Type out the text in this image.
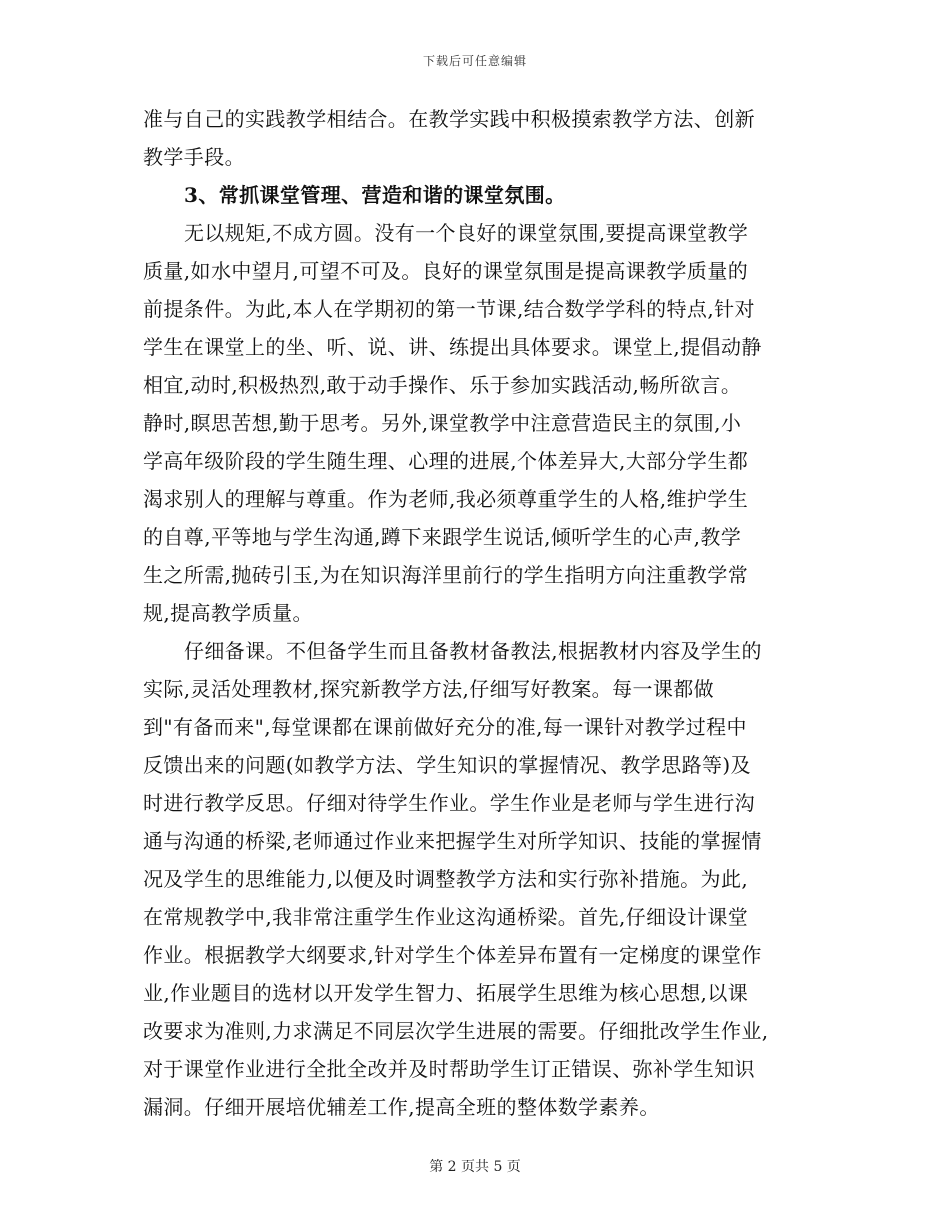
下载后可任意编辑
准与自己的实践教学相结合。在教学实践中积极摸索教学方法、创新
教学手段。
3、常抓课堂管理、营造和谐的课堂氛围。
无以规矩,不成方圆。没有一个良好的课堂氛围,要提高课堂教学
质量,如水中望月,可望不可及。良好的课堂氛围是提高课教学质量的
前提条件。为此,本人在学期初的第一节课,结合数学学科的特点,针对
学生在课堂上的坐、听、说、讲、练提出具体要求。课堂上,提倡动静
相宜,动时,积极热烈,敢于动手操作、乐于参加实践活动,畅所欲言。
静时,瞑思苦想,勤于思考。另外,课堂教学中注意营造民主的氛围,小
学高年级阶段的学生随生理、心理的进展,个体差异大,大部分学生都
渴求别人的理解与尊重。作为老师,我必须尊重学生的人格,维护学生
的自尊,平等地与学生沟通,蹲下来跟学生说话,倾听学生的心声,教学
生之所需,抛砖引玉,为在知识海洋里前行的学生指明方向注重教学常
规,提高教学质量。
仔细备课。不但备学生而且备教材备教法,根据教材内容及学生的
实际,灵活处理教材,探究新教学方法,仔细写好教案。每一课都做
到"有备而来",每堂课都在课前做好充分的准,每一课针对教学过程中
反馈出来的问题(如教学方法、学生知识的掌握情况、教学思路等)及
时进行教学反思。仔细对待学生作业。学生作业是老师与学生进行沟
通与沟通的桥梁,老师通过作业来把握学生对所学知识、技能的掌握情
况及学生的思维能力,以便及时调整教学方法和实行弥补措施。为此,
在常规教学中,我非常注重学生作业这沟通桥梁。首先,仔细设计课堂
作业。根据教学大纲要求,针对学生个体差异布置有一定梯度的课堂作
业,作业题目的选材以开发学生智力、拓展学生思维为核心思想,以课
改要求为准则,力求满足不同层次学生进展的需要。仔细批改学生作业,
对于课堂作业进行全批全改并及时帮助学生订正错误、弥补学生知识
漏洞。仔细开展培优辅差工作,提高全班的整体数学素养。
第 2 页共 5 页
